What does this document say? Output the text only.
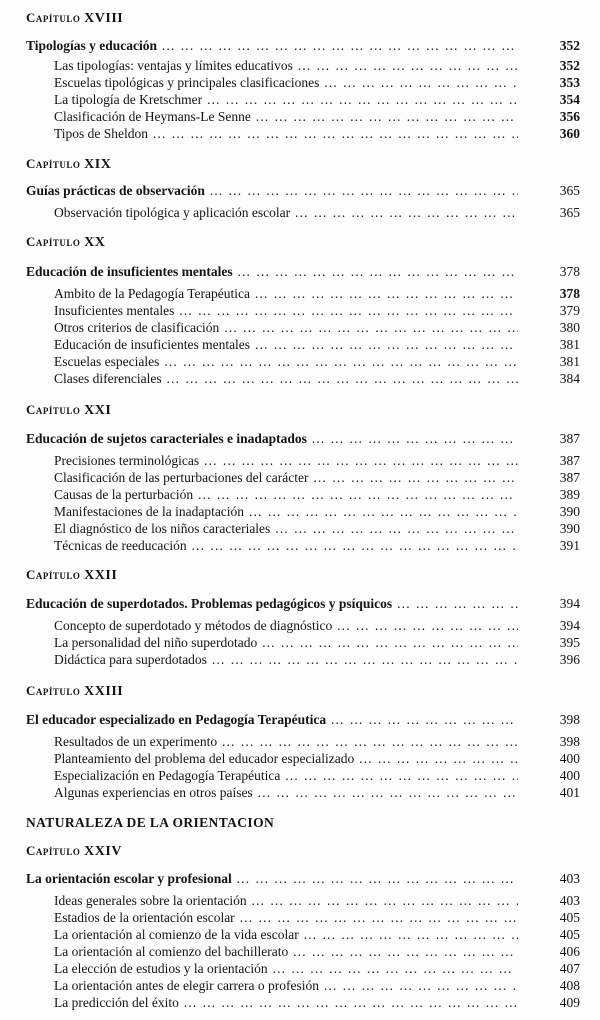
Capítulo XVIII
Tipologías y educación … … … … … … … … … … … … … … … … … … … … … … … … … … … … … … … … … … … … … … … … … … … … … … … … … … … … …	352
Las tipologías: ventajas y límites educativos … … … … … … … … … … … … … … … … … … … … … … … … … … … … … … … … … … … … … … … … … … … … … … … … … … … … …	352
Escuelas tipológicas y principales clasificaciones … … … … … … … … … … … … … … … … … … … … … … … … … … … … … … … … … … … … … … … … … … … … … … … … … … … … …	353
La tipología de Kretschmer … … … … … … … … … … … … … … … … … … … … … … … … … … … … … … … … … … … … … … … … … … … … … … … … … … … … …	354
Clasificación de Heymans-Le Senne … … … … … … … … … … … … … … … … … … … … … … … … … … … … … … … … … … … … … … … … … … … … … … … … … … … … …	356
Tipos de Sheldon … … … … … … … … … … … … … … … … … … … … … … … … … … … … … … … … … … … … … … … … … … … … … … … … … … … … …	360
Capítulo XIX
Guías prácticas de observación … … … … … … … … … … … … … … … … … … … … … … … … … … … … … … … … … … … … … … … … … … … … … … … … … … … … …	365
Observación tipológica y aplicación escolar … … … … … … … … … … … … … … … … … … … … … … … … … … … … … … … … … … … … … … … … … … … … … … … … … … … … …	365
Capítulo XX
Educación de insuficientes mentales … … … … … … … … … … … … … … … … … … … … … … … … … … … … … … … … … … … … … … … … … … … … … … … … … … … … …	378
Ambito de la Pedagogía Terapéutica … … … … … … … … … … … … … … … … … … … … … … … … … … … … … … … … … … … … … … … … … … … … … … … … … … … … …	378
Insuficientes mentales … … … … … … … … … … … … … … … … … … … … … … … … … … … … … … … … … … … … … … … … … … … … … … … … … … … … …	379
Otros criterios de clasificación … … … … … … … … … … … … … … … … … … … … … … … … … … … … … … … … … … … … … … … … … … … … … … … … … … … … …	380
Educación de insuficientes mentales … … … … … … … … … … … … … … … … … … … … … … … … … … … … … … … … … … … … … … … … … … … … … … … … … … … … …	381
Escuelas especiales … … … … … … … … … … … … … … … … … … … … … … … … … … … … … … … … … … … … … … … … … … … … … … … … … … … … …	381
Clases diferenciales … … … … … … … … … … … … … … … … … … … … … … … … … … … … … … … … … … … … … … … … … … … … … … … … … … … … …	384
Capítulo XXI
Educación de sujetos caracteriales e inadaptados … … … … … … … … … … … … … … … … … … … … … … … … … … … … … … … … … … … … … … … … … … … … … … … … … … … … …	387
Precisiones terminológicas … … … … … … … … … … … … … … … … … … … … … … … … … … … … … … … … … … … … … … … … … … … … … … … … … … … … …	387
Clasificación de las perturbaciones del carácter … … … … … … … … … … … … … … … … … … … … … … … … … … … … … … … … … … … … … … … … … … … … … … … … … … … … …	387
Causas de la perturbación … … … … … … … … … … … … … … … … … … … … … … … … … … … … … … … … … … … … … … … … … … … … … … … … … … … … …	389
Manifestaciones de la inadaptación … … … … … … … … … … … … … … … … … … … … … … … … … … … … … … … … … … … … … … … … … … … … … … … … … … … … …	390
El diagnóstico de los niños caracteriales … … … … … … … … … … … … … … … … … … … … … … … … … … … … … … … … … … … … … … … … … … … … … … … … … … … … …	390
Técnicas de reeducación … … … … … … … … … … … … … … … … … … … … … … … … … … … … … … … … … … … … … … … … … … … … … … … … … … … … …	391
Capítulo XXII
Educación de superdotados. Problemas pedagógicos y psíquicos … … … … … … … … … … … … … … … … … … … … … … … … … … … … … … … … … … … … … … … … … … … … … … … … … … … … …	394
Concepto de superdotado y métodos de diagnóstico … … … … … … … … … … … … … … … … … … … … … … … … … … … … … … … … … … … … … … … … … … … … … … … … … … … … …	394
La personalidad del niño superdotado … … … … … … … … … … … … … … … … … … … … … … … … … … … … … … … … … … … … … … … … … … … … … … … … … … … … …	395
Didáctica para superdotados … … … … … … … … … … … … … … … … … … … … … … … … … … … … … … … … … … … … … … … … … … … … … … … … … … … … …	396
Capítulo XXIII
El educador especializado en Pedagogía Terapéutica … … … … … … … … … … … … … … … … … … … … … … … … … … … … … … … … … … … … … … … … … … … … … … … … … … … … …	398
Resultados de un experimento … … … … … … … … … … … … … … … … … … … … … … … … … … … … … … … … … … … … … … … … … … … … … … … … … … … … …	398
Planteamiento del problema del educador especializado … … … … … … … … … … … … … … … … … … … … … … … … … … … … … … … … … … … … … … … … … … … … … … … … … … … … …	400
Especialización en Pedagogía Terapéutica … … … … … … … … … … … … … … … … … … … … … … … … … … … … … … … … … … … … … … … … … … … … … … … … … … … … …	400
Algunas experiencias en otros países … … … … … … … … … … … … … … … … … … … … … … … … … … … … … … … … … … … … … … … … … … … … … … … … … … … … …	401
NATURALEZA DE LA ORIENTACION
Capítulo XXIV
La orientación escolar y profesional … … … … … … … … … … … … … … … … … … … … … … … … … … … … … … … … … … … … … … … … … … … … … … … … … … … … …	403
Ideas generales sobre la orientación … … … … … … … … … … … … … … … … … … … … … … … … … … … … … … … … … … … … … … … … … … … … … … … … … … … … …	403
Estadios de la orientación escolar … … … … … … … … … … … … … … … … … … … … … … … … … … … … … … … … … … … … … … … … … … … … … … … … … … … … …	405
La orientación al comienzo de la vida escolar … … … … … … … … … … … … … … … … … … … … … … … … … … … … … … … … … … … … … … … … … … … … … … … … … … … … …	405
La orientación al comienzo del bachillerato … … … … … … … … … … … … … … … … … … … … … … … … … … … … … … … … … … … … … … … … … … … … … … … … … … … … …	406
La elección de estudios y la orientación … … … … … … … … … … … … … … … … … … … … … … … … … … … … … … … … … … … … … … … … … … … … … … … … … … … … …	407
La orientación antes de elegir carrera o profesión … … … … … … … … … … … … … … … … … … … … … … … … … … … … … … … … … … … … … … … … … … … … … … … … … … … … …	408
La predicción del éxito … … … … … … … … … … … … … … … … … … … … … … … … … … … … … … … … … … … … … … … … … … … … … … … … … … … … …	409
